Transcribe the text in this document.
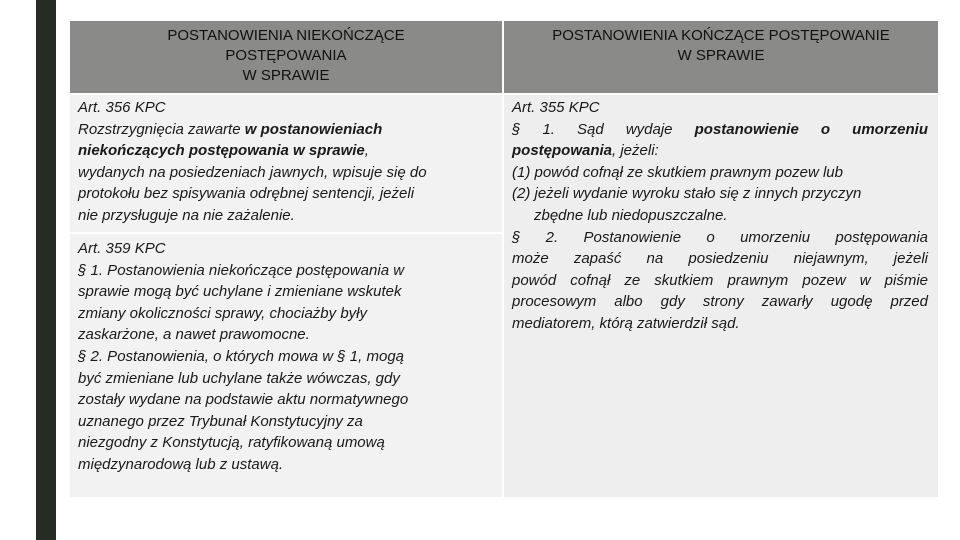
POSTANOWIENIA NIEKOŃCZĄCE
POSTĘPOWANIA
W SPRAWIE
POSTANOWIENIA KOŃCZĄCE POSTĘPOWANIE
W SPRAWIE
Art. 356 KPC
Rozstrzygnięcia zawarte w postanowieniach
niekończących postępowania w sprawie,
wydanych na posiedzeniach jawnych, wpisuje się do
protokołu bez spisywania odrębnej sentencji, jeżeli
nie przysługuje na nie zażalenie.
Art. 355 KPC
§ 1. Sąd wydaje postanowienie o umorzeniu
postępowania, jeżeli:
(1) powód cofnął ze skutkiem prawnym pozew lub
(2) jeżeli wydanie wyroku stało się z innych przyczyn
zbędne lub niedopuszczalne.
§ 2. Postanowienie o umorzeniu postępowania
może zapaść na posiedzeniu niejawnym, jeżeli
powód cofnął ze skutkiem prawnym pozew w piśmie
procesowym albo gdy strony zawarły ugodę przed
mediatorem, którą zatwierdził sąd.
Art. 359 KPC
§ 1. Postanowienia niekończące postępowania w
sprawie mogą być uchylane i zmieniane wskutek
zmiany okoliczności sprawy, chociażby były
zaskarżone, a nawet prawomocne.
§ 2. Postanowienia, o których mowa w § 1, mogą
być zmieniane lub uchylane także wówczas, gdy
zostały wydane na podstawie aktu normatywnego
uznanego przez Trybunał Konstytucyjny za
niezgodny z Konstytucją, ratyfikowaną umową
międzynarodową lub z ustawą.
